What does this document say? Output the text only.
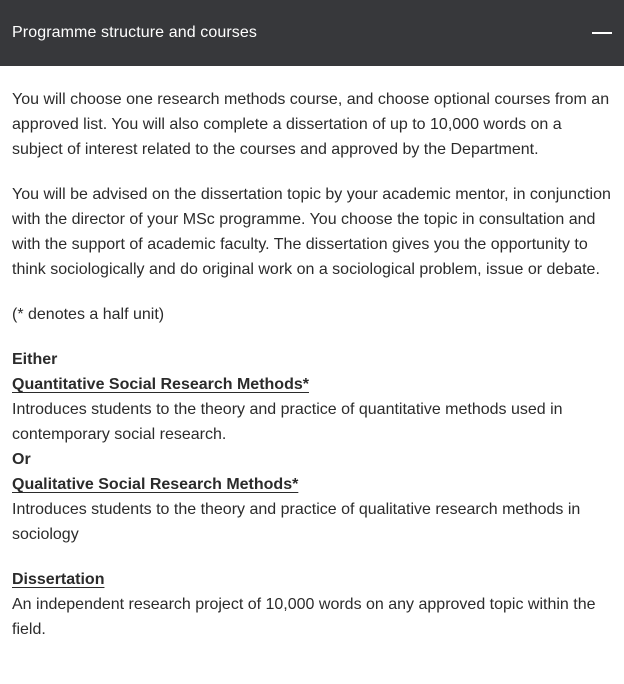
Programme structure and courses

You will choose one research methods course, and choose optional courses from an approved list. You will also complete a dissertation of up to 10,000 words on a subject of interest related to the courses and approved by the Department.

You will be advised on the dissertation topic by your academic mentor, in conjunction with the director of your MSc programme. You choose the topic in consultation and with the support of academic faculty. The dissertation gives you the opportunity to think sociologically and do original work on a sociological problem, issue or debate.

(* denotes a half unit)

Either

Quantitative Social Research Methods*

Introduces students to the theory and practice of quantitative methods used in contemporary social research.

Or

Qualitative Social Research Methods*

Introduces students to the theory and practice of qualitative research methods in sociology

Dissertation

An independent research project of 10,000 words on any approved topic within the field.
